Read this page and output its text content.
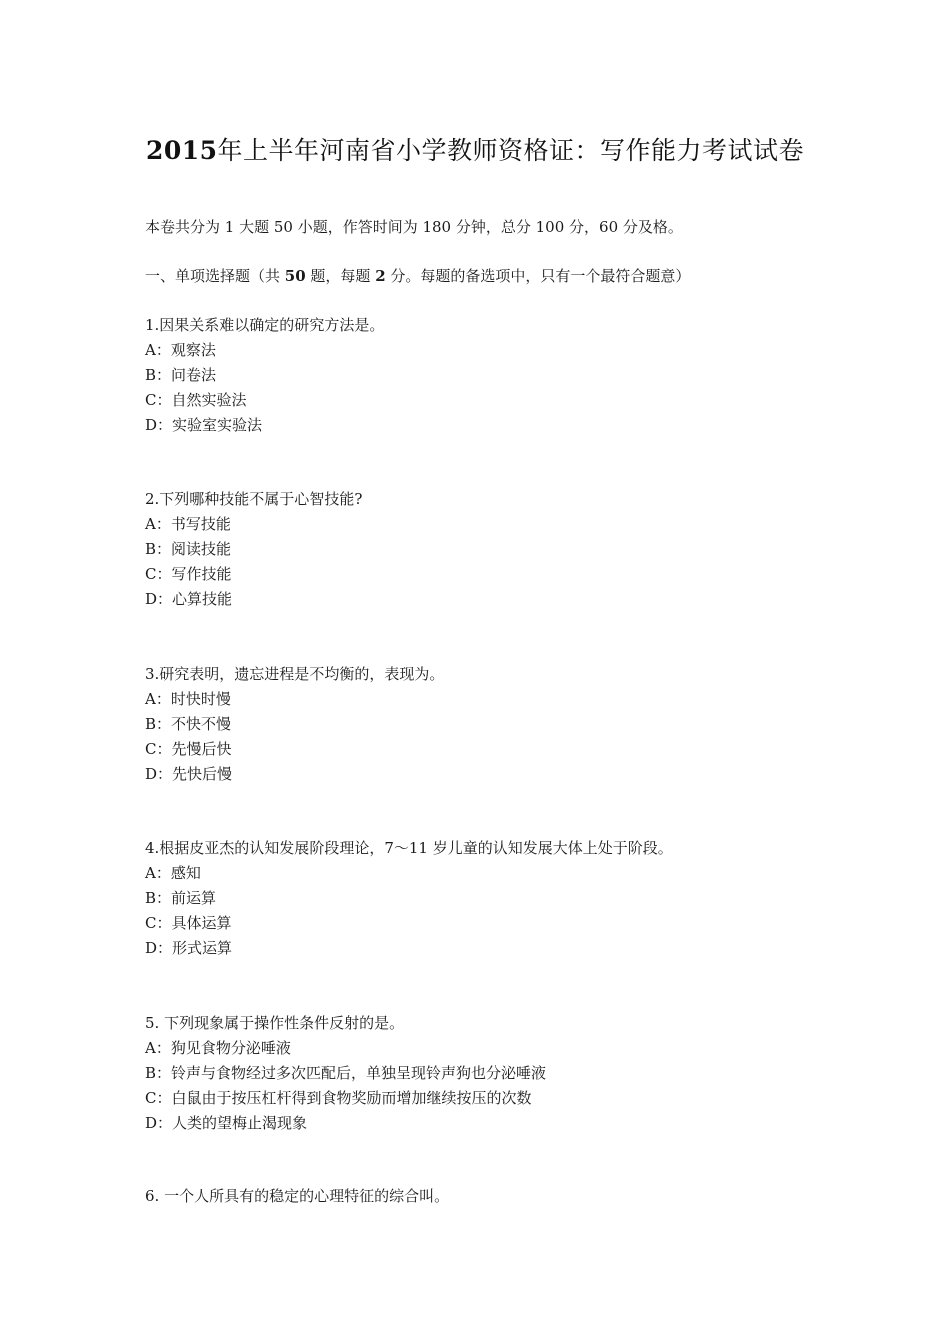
2015年上半年河南省小学教师资格证：写作能力考试试卷
本卷共分为 1 大题 50 小题，作答时间为 180 分钟，总分 100 分，60 分及格。
一、单项选择题（共 50 题，每题 2 分。每题的备选项中，只有一个最符合题意）
1.因果关系难以确定的研究方法是。
A：观察法
B：问卷法
C：自然实验法
D：实验室实验法
2.下列哪种技能不属于心智技能?
A：书写技能
B：阅读技能
C：写作技能
D：心算技能
3.研究表明，遗忘进程是不均衡的，表现为。
A：时快时慢
B：不快不慢
C：先慢后快
D：先快后慢
4.根据皮亚杰的认知发展阶段理论，7～11 岁儿童的认知发展大体上处于阶段。
A：感知
B：前运算
C：具体运算
D：形式运算
5. 下列现象属于操作性条件反射的是。
A：狗见食物分泌唾液
B：铃声与食物经过多次匹配后，单独呈现铃声狗也分泌唾液
C：白鼠由于按压杠杆得到食物奖励而增加继续按压的次数
D：人类的望梅止渴现象
6. 一个人所具有的稳定的心理特征的综合叫。
